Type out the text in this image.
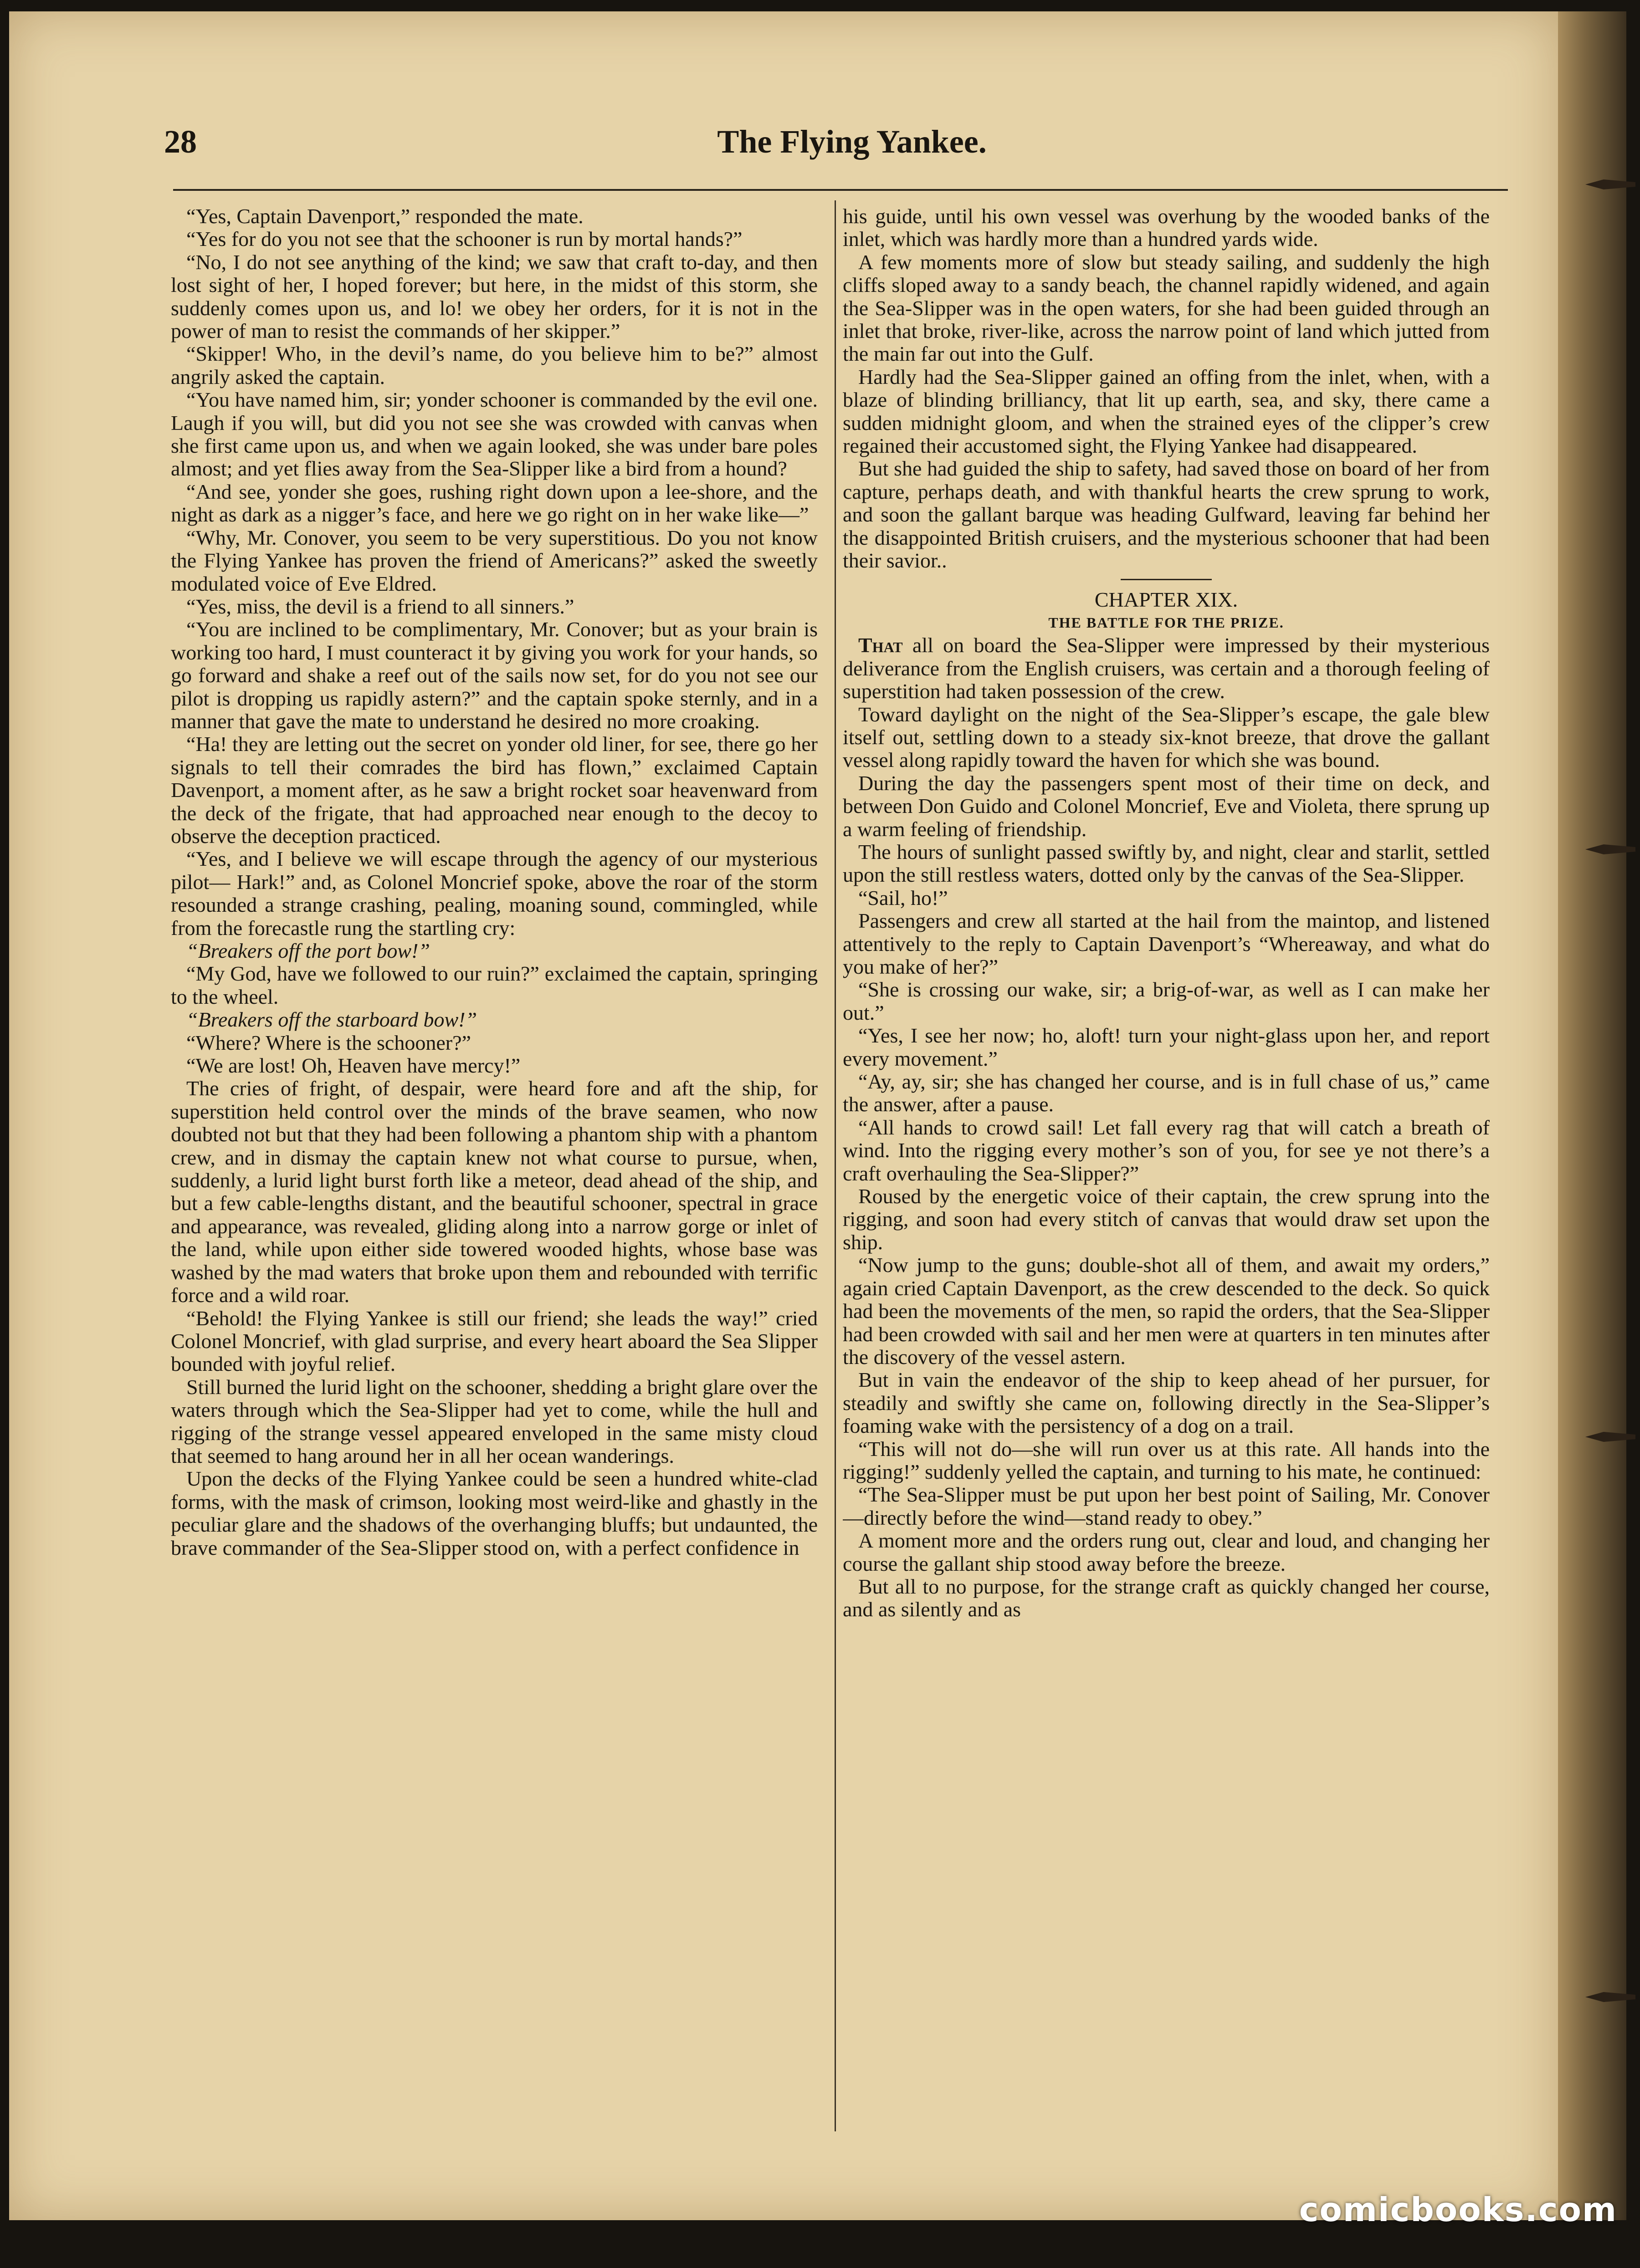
28	The Flying Yankee.

“Yes, Captain Davenport,” responded the mate.

“Yes for do you not see that the schooner is run by mortal hands?”

“No, I do not see anything of the kind; we saw that craft to-day, and then lost sight of her, I hoped forever; but here, in the midst of this storm, she suddenly comes upon us, and lo! we obey her orders, for it is not in the power of man to resist the commands of her skipper.”

“Skipper! Who, in the devil’s name, do you believe him to be?” almost angrily asked the captain.

“You have named him, sir; yonder schooner is commanded by the evil one. Laugh if you will, but did you not see she was crowded with canvas when she first came upon us, and when we again looked, she was under bare poles almost; and yet flies away from the Sea-Slipper like a bird from a hound?

“And see, yonder she goes, rushing right down upon a lee-shore, and the night as dark as a nigger’s face, and here we go right on in her wake like—”

“Why, Mr. Conover, you seem to be very superstitious. Do you not know the Flying Yankee has proven the friend of Americans?” asked the sweetly modulated voice of Eve Eldred.

“Yes, miss, the devil is a friend to all sinners.”

“You are inclined to be complimentary, Mr. Conover; but as your brain is working too hard, I must counteract it by giving you work for your hands, so go forward and shake a reef out of the sails now set, for do you not see our pilot is dropping us rapidly astern?” and the captain spoke sternly, and in a manner that gave the mate to understand he desired no more croaking.

“Ha! they are letting out the secret on yonder old liner, for see, there go her signals to tell their comrades the bird has flown,” exclaimed Captain Davenport, a moment after, as he saw a bright rocket soar heavenward from the deck of the frigate, that had approached near enough to the decoy to observe the deception practiced.

“Yes, and I believe we will escape through the agency of our mysterious pilot— Hark!” and, as Colonel Moncrief spoke, above the roar of the storm resounded a strange crashing, pealing, moaning sound, commingled, while from the forecastle rung the startling cry:

“Breakers off the port bow!”

“My God, have we followed to our ruin?” exclaimed the captain, springing to the wheel.

“Breakers off the starboard bow!”

“Where? Where is the schooner?”

“We are lost! Oh, Heaven have mercy!”

The cries of fright, of despair, were heard fore and aft the ship, for superstition held control over the minds of the brave seamen, who now doubted not but that they had been following a phantom ship with a phantom crew, and in dismay the captain knew not what course to pursue, when, suddenly, a lurid light burst forth like a meteor, dead ahead of the ship, and but a few cable-lengths distant, and the beautiful schooner, spectral in grace and appearance, was revealed, gliding along into a narrow gorge or inlet of the land, while upon either side towered wooded hights, whose base was washed by the mad waters that broke upon them and rebounded with terrific force and a wild roar.

“Behold! the Flying Yankee is still our friend; she leads the way!” cried Colonel Moncrief, with glad surprise, and every heart aboard the Sea Slipper bounded with joyful relief.

Still burned the lurid light on the schooner, shedding a bright glare over the waters through which the Sea-Slipper had yet to come, while the hull and rigging of the strange vessel appeared enveloped in the same misty cloud that seemed to hang around her in all her ocean wanderings.

Upon the decks of the Flying Yankee could be seen a hundred white-clad forms, with the mask of crimson, looking most weird-like and ghastly in the peculiar glare and the shadows of the overhanging bluffs; but undaunted, the brave commander of the Sea-Slipper stood on, with a perfect confidence in

his guide, until his own vessel was overhung by the wooded banks of the inlet, which was hardly more than a hundred yards wide.

A few moments more of slow but steady sailing, and suddenly the high cliffs sloped away to a sandy beach, the channel rapidly widened, and again the Sea-Slipper was in the open waters, for she had been guided through an inlet that broke, river-like, across the narrow point of land which jutted from the main far out into the Gulf.

Hardly had the Sea-Slipper gained an offing from the inlet, when, with a blaze of blinding brilliancy, that lit up earth, sea, and sky, there came a sudden midnight gloom, and when the strained eyes of the clipper’s crew regained their accustomed sight, the Flying Yankee had disappeared.

But she had guided the ship to safety, had saved those on board of her from capture, perhaps death, and with thankful hearts the crew sprung to work, and soon the gallant barque was heading Gulfward, leaving far behind her the disappointed British cruisers, and the mysterious schooner that had been their savior..

CHAPTER XIX.

THE BATTLE FOR THE PRIZE.

That all on board the Sea-Slipper were impressed by their mysterious deliverance from the English cruisers, was certain and a thorough feeling of superstition had taken possession of the crew.

Toward daylight on the night of the Sea-Slipper’s escape, the gale blew itself out, settling down to a steady six-knot breeze, that drove the gallant vessel along rapidly toward the haven for which she was bound.

During the day the passengers spent most of their time on deck, and between Don Guido and Colonel Moncrief, Eve and Violeta, there sprung up a warm feeling of friendship.

The hours of sunlight passed swiftly by, and night, clear and starlit, settled upon the still restless waters, dotted only by the canvas of the Sea-Slipper.

“Sail, ho!”

Passengers and crew all started at the hail from the maintop, and listened attentively to the reply to Captain Davenport’s “Whereaway, and what do you make of her?”

“She is crossing our wake, sir; a brig-of-war, as well as I can make her out.”

“Yes, I see her now; ho, aloft! turn your night-glass upon her, and report every movement.”

“Ay, ay, sir; she has changed her course, and is in full chase of us,” came the answer, after a pause.

“All hands to crowd sail! Let fall every rag that will catch a breath of wind. Into the rigging every mother’s son of you, for see ye not there’s a craft overhauling the Sea-Slipper?”

Roused by the energetic voice of their captain, the crew sprung into the rigging, and soon had every stitch of canvas that would draw set upon the ship.

“Now jump to the guns; double-shot all of them, and await my orders,” again cried Captain Davenport, as the crew descended to the deck. So quick had been the movements of the men, so rapid the orders, that the Sea-Slipper had been crowded with sail and her men were at quarters in ten minutes after the discovery of the vessel astern.

But in vain the endeavor of the ship to keep ahead of her pursuer, for steadily and swiftly she came on, following directly in the Sea-Slipper’s foaming wake with the persistency of a dog on a trail.

“This will not do—she will run over us at this rate. All hands into the rigging!” suddenly yelled the captain, and turning to his mate, he continued:

“The Sea-Slipper must be put upon her best point of Sailing, Mr. Conover—directly before the wind—stand ready to obey.”

A moment more and the orders rung out, clear and loud, and changing her course the gallant ship stood away before the breeze.

But all to no purpose, for the strange craft as quickly changed her course, and as silently and as

comicbooks.com
